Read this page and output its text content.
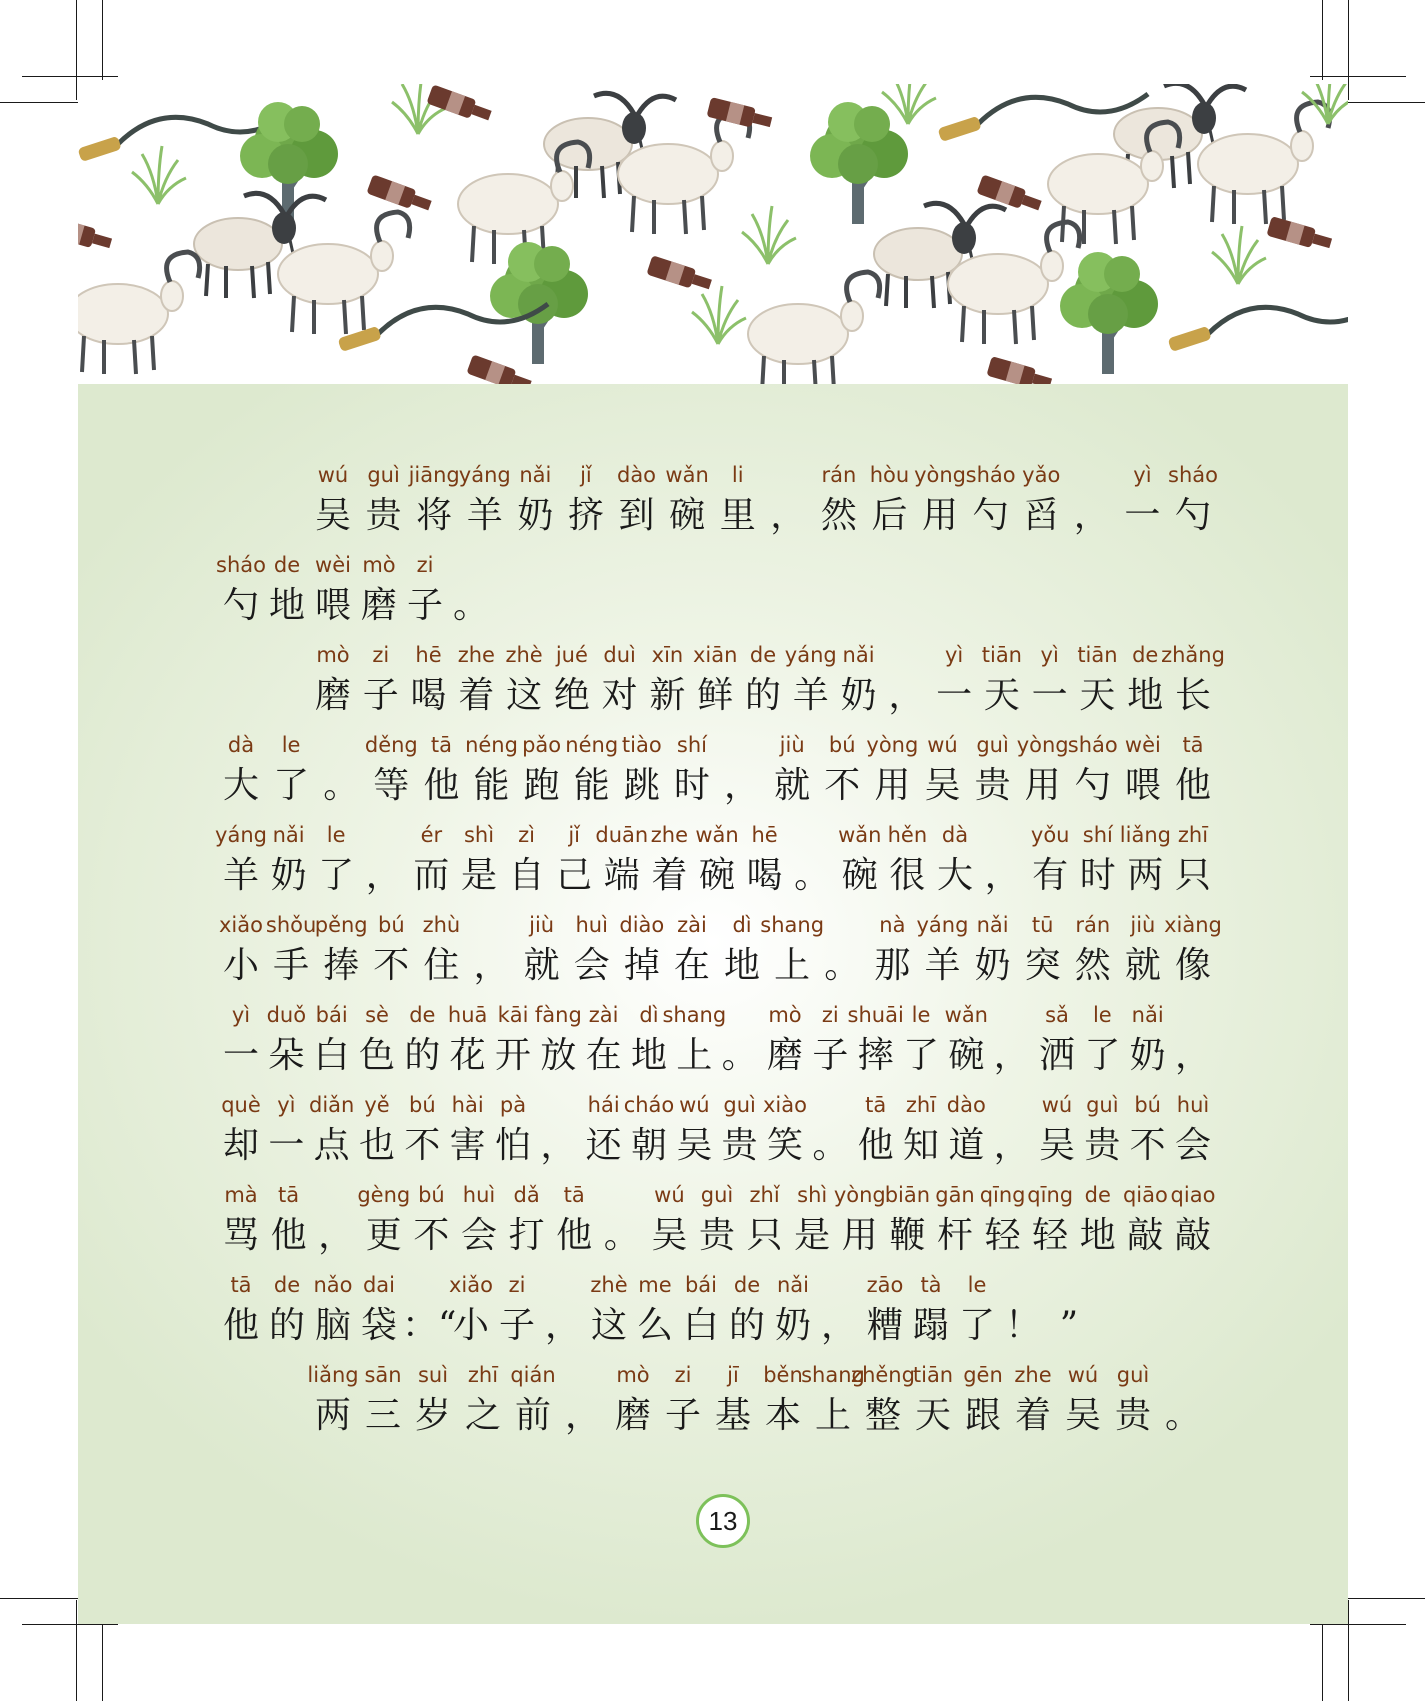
wú
吴
guì
贵
jiāng
将
yáng
羊
nǎi
奶
jǐ
挤
dào
到
wǎn
碗
li
里 ，
rán
然
hòu
后
yòng
用
sháo
勺
yǎo
舀 ，
yì
一
sháo
勺
sháo
勺
de
地
wèi
喂
mò
磨
zi
子 。
mò
磨
zi
子
hē
喝
zhe
着
zhè
这
jué
绝
duì
对
xīn
新
xiān
鲜
de
的
yáng
羊
nǎi
奶 ，
yì
一
tiān
天
yì
一
tiān
天
de
地
zhǎng
长
dà
大
le
了 。
děng
等
tā
他
néng
能
pǎo
跑
néng
能
tiào
跳
shí
时 ，
jiù
就
bú
不
yòng
用
wú
吴
guì
贵
yòng
用
sháo
勺
wèi
喂
tā
他
yáng
羊
nǎi
奶
le
了 ，
ér
而
shì
是
zì
自
jǐ
己
duān
端
zhe
着
wǎn
碗
hē
喝 。
wǎn
碗
hěn
很
dà
大 ，
yǒu
有
shí
时
liǎng
两
zhī
只
xiǎo
小
shǒu
手
pěng
捧
bú
不
zhù
住 ，
jiù
就
huì
会
diào
掉
zài
在
dì
地
shang
上 。
nà
那
yáng
羊
nǎi
奶
tū
突
rán
然
jiù
就
xiàng
像
yì
一
duǒ
朵
bái
白
sè
色
de
的
huā
花
kāi
开
fàng
放
zài
在
dì
地
shang
上 。
mò
磨
zi
子
shuāi
摔
le
了
wǎn
碗 ，
sǎ
洒
le
了
nǎi
奶 ，
què
却
yì
一
diǎn
点
yě
也
bú
不
hài
害
pà
怕 ，
hái
还
cháo
朝
wú
吴
guì
贵
xiào
笑 。
tā
他
zhī
知
dào
道 ，
wú
吴
guì
贵
bú
不
huì
会
mà
骂
tā
他 ，
gèng
更
bú
不
huì
会
dǎ
打
tā
他 。
wú
吴
guì
贵
zhǐ
只
shì
是
yòng
用
biān
鞭
gān
杆
qīng
轻
qīng
轻
de
地
qiāo
敲
qiao
敲
tā
他
de
的
nǎo
脑
dai
袋 ：“
xiǎo
小
zi
子 ，
zhè
这
me
么
bái
白
de
的
nǎi
奶 ，
zāo
糟
tà
蹋
le
了 ！ ”
liǎng
两
sān
三
suì
岁
zhī
之
qián
前 ，
mò
磨
zi
子
jī
基
běn
本
shang
上
zhěng
整
tiān
天
gēn
跟
zhe
着
wú
吴
guì
贵 。
13
